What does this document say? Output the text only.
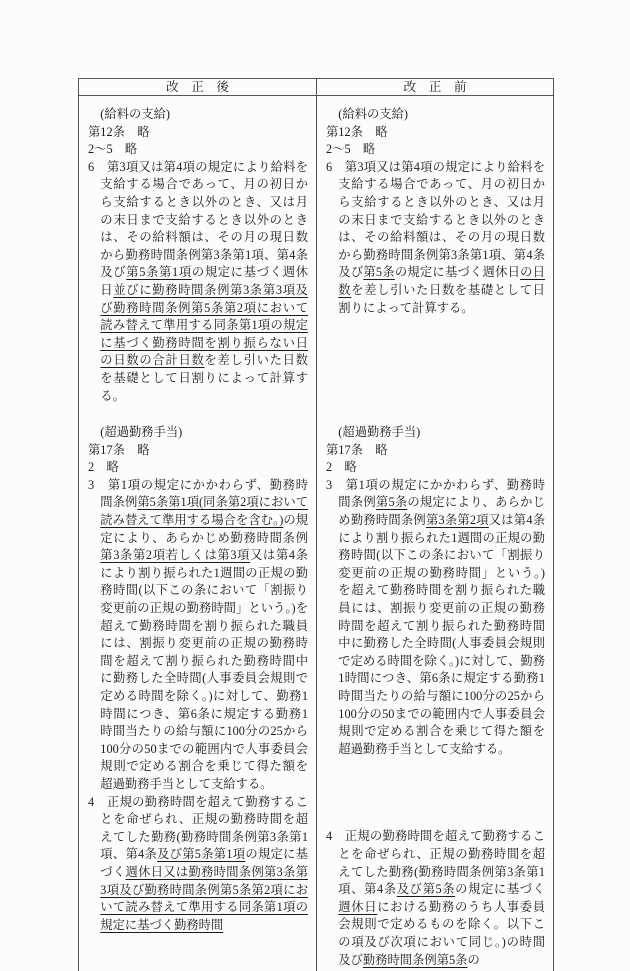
改　正　後	改　正　前

　(給料の支給)

第12条　略

2〜5　略

6　第3項又は第4項の規定により給料を支給する場合であって、月の初日から支給するとき以外のとき、又は月の末日まで支給するとき以外のときは、その給料額は、その月の現日数から勤務時間条例第3条第1項、第4条及び第5条第1項の規定に基づく週休日並びに勤務時間条例第3条第3項及び勤務時間条例第5条第2項において読み替えて準用する同条第1項の規定に基づく勤務時間を割り振らない日の日数の合計日数を差し引いた日数を基礎として日割りによって計算する。

　(給料の支給)

第12条　略

2〜5　略

6　第3項又は第4項の規定により給料を支給する場合であって、月の初日から支給するとき以外のとき、又は月の末日まで支給するとき以外のときは、その給料額は、その月の現日数から勤務時間条例第3条第1項、第4条及び第5条の規定に基づく週休日の日数を差し引いた日数を基礎として日割りによって計算する。

　(超過勤務手当)

第17条　略

2　略

3　第1項の規定にかかわらず、勤務時間条例第5条第1項(同条第2項において読み替えて準用する場合を含む。)の規定により、あらかじめ勤務時間条例第3条第2項若しくは第3項又は第4条により割り振られた1週間の正規の勤務時間(以下この条において「割振り変更前の正規の勤務時間」という。)を超えて勤務時間を割り振られた職員には、割振り変更前の正規の勤務時間を超えて割り振られた勤務時間中に勤務した全時間(人事委員会規則で定める時間を除く。)に対して、勤務1時間につき、第6条に規定する勤務1時間当たりの給与額に100分の25から100分の50までの範囲内で人事委員会規則で定める割合を乗じて得た額を超過勤務手当として支給する。

4　正規の勤務時間を超えて勤務することを命ぜられ、正規の勤務時間を超えてした勤務(勤務時間条例第3条第1項、第4条及び第5条第1項の規定に基づく週休日又は勤務時間条例第3条第3項及び勤務時間条例第5条第2項において読み替えて準用する同条第1項の規定に基づく勤務時間

　(超過勤務手当)

第17条　略

2　略

3　第1項の規定にかかわらず、勤務時間条例第5条の規定により、あらかじめ勤務時間条例第3条第2項又は第4条により割り振られた1週間の正規の勤務時間(以下この条において「割振り変更前の正規の勤務時間」という。)を超えて勤務時間を割り振られた職員には、割振り変更前の正規の勤務時間を超えて割り振られた勤務時間中に勤務した全時間(人事委員会規則で定める時間を除く。)に対して、勤務1時間につき、第6条に規定する勤務1時間当たりの給与額に100分の25から100分の50までの範囲内で人事委員会規則で定める割合を乗じて得た額を超過勤務手当として支給する。

4　正規の勤務時間を超えて勤務することを命ぜられ、正規の勤務時間を超えてした勤務(勤務時間条例第3条第1項、第4条及び第5条の規定に基づく週休日における勤務のうち人事委員会規則で定めるものを除く。以下この項及び次項において同じ。)の時間及び勤務時間条例第5条の
